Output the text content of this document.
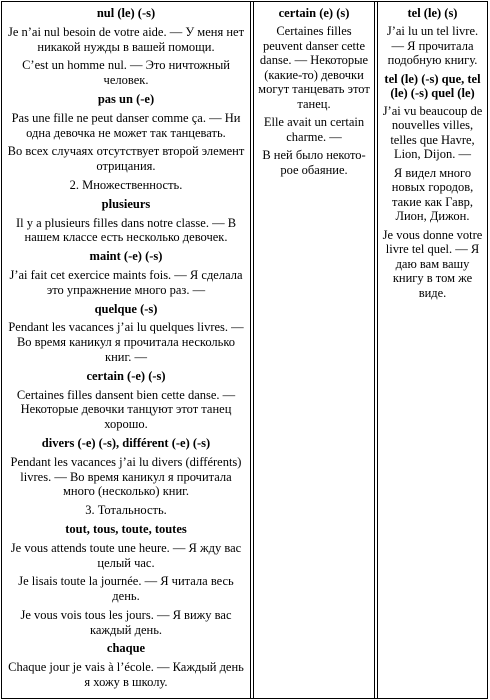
nul (le) (-s)
Je n’ai nul besoin de votre aide. — У меня нет никакой нужды в вашей помощи.
C’est un homme nul. — Это ничтожный человек.
pas un (-e)
Pas une fille ne peut danser comme ça. — Ни одна девочка не может так танцевать.
Во всех случаях отсутствует второй элемент отрицания.
2. Множественность.
plusieurs
Il y a plusieurs filles dans notre classe. — В нашем классе есть несколько девочек.
maint (-e) (-s)
J’ai fait cet exercice maints fois. — Я сделала это упражнение много раз. —
quelque (-s)
Pendant les vacances j’ai lu quelques livres. — Во время каникул я прочитала несколько книг. —
certain (-e) (-s)
Certaines filles dansent bien cette danse. — Некоторые девочки танцуют этот танец хорошо.
divers (-e) (-s), différent (-e) (-s)
Pendant les vacances j’ai lu divers (différents) livres. — Во время каникул я прочитала много (несколько) книг.
3. Тотальность.
tout, tous, toute, toutes
Je vous attends toute une heure. — Я жду вас целый час.
Je lisais toute la journée. — Я читала весь день.
Je vous vois tous les jours. — Я вижу вас каждый день.
chaque
Chaque jour je vais à l’école. — Каждый день я хожу в школу.
certain (e) (s)
Certaines filles peuvent danser cette danse. — Некоторые (какие-то) девочки могут танцевать этот танец.
Elle avait un certain charme. —
В ней было некото-рое обаяние.
tel (le) (s)
J’ai lu un tel livre. — Я прочитала подобную книгу.
tel (le) (-s) que, tel (le) (-s) quel (le)
J’ai vu beaucoup de nouvelles villes, telles que Havre, Lion, Dijon. —
Я видел много новых городов, такие как Гавр, Лион, Дижон.
Je vous donne votre livre tel quel. — Я даю вам вашу книгу в том же виде.
